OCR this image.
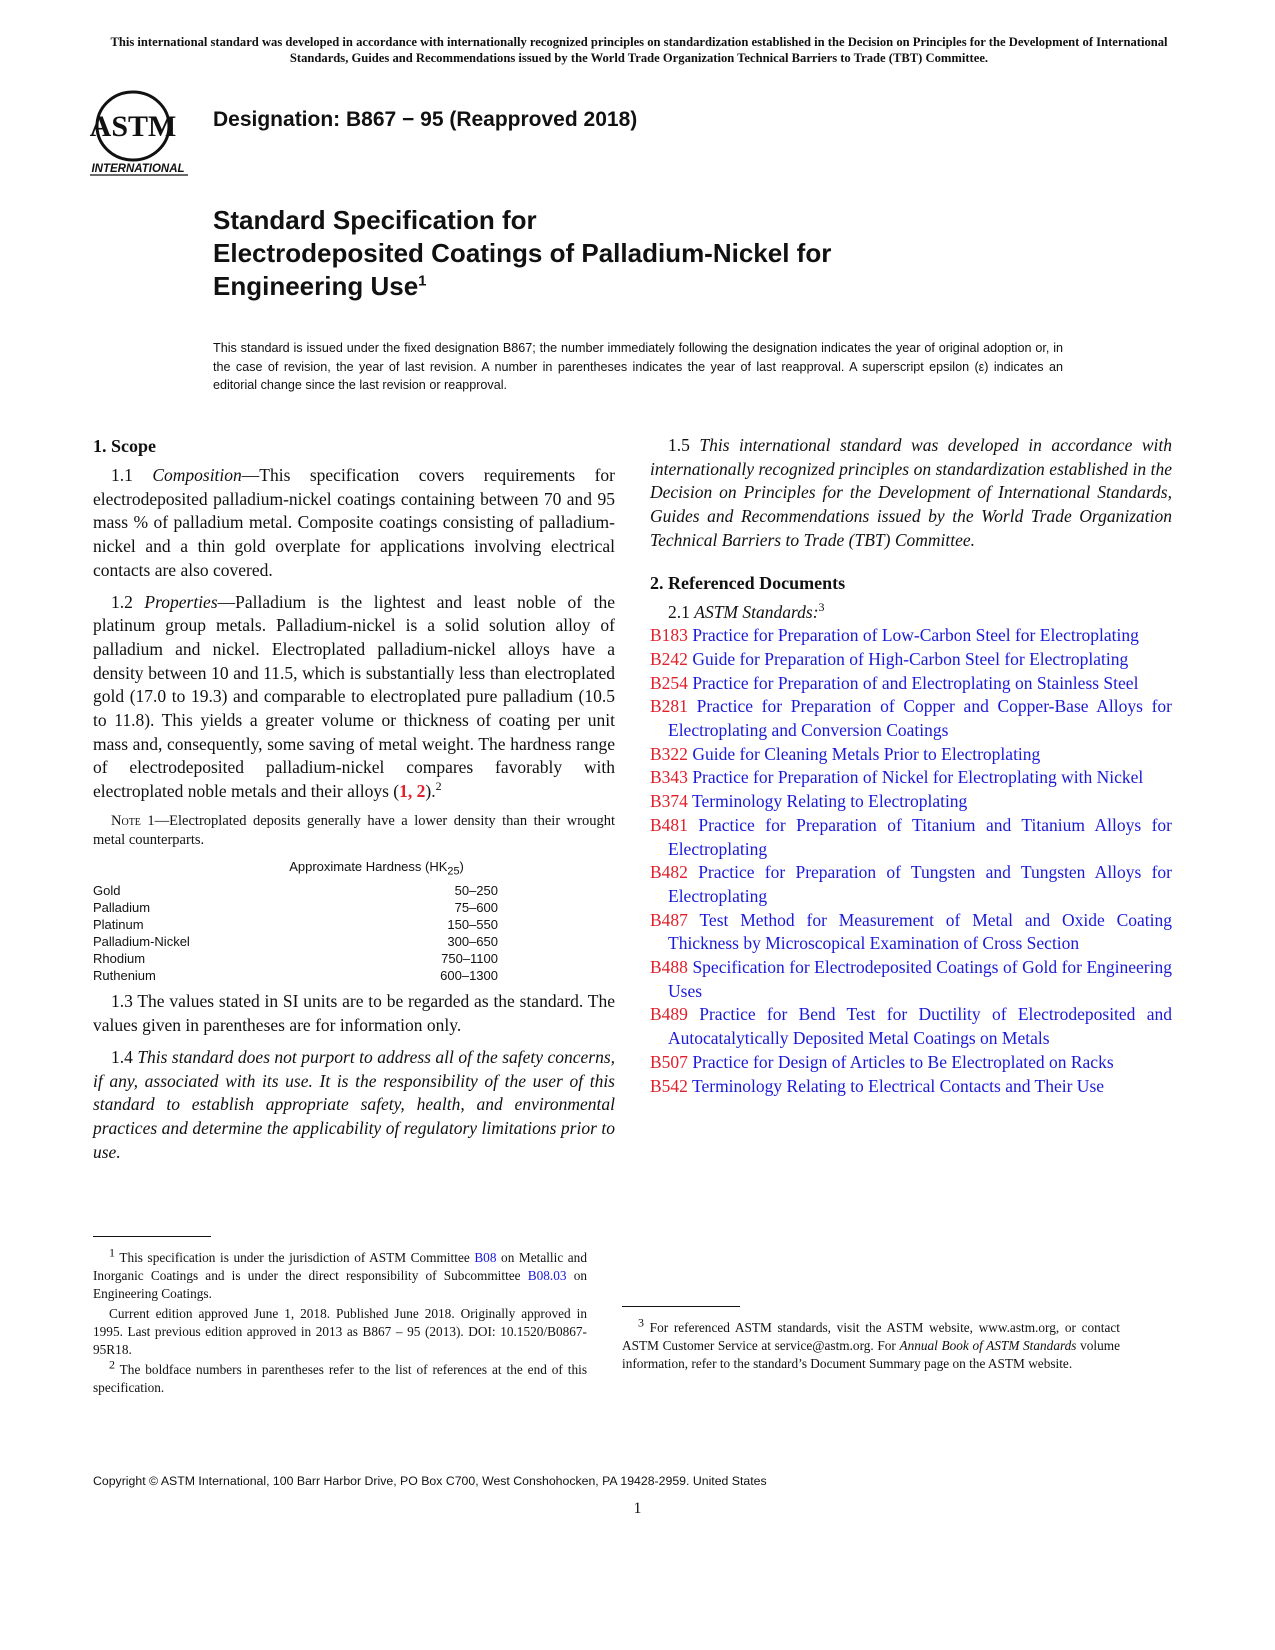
This international standard was developed in accordance with internationally recognized principles on standardization established in the Decision on Principles for the Development of International Standards, Guides and Recommendations issued by the World Trade Organization Technical Barriers to Trade (TBT) Committee.
ASTM
INTERNATIONAL
Designation: B867 − 95 (Reapproved 2018)
Standard Specification for
Electrodeposited Coatings of Palladium-Nickel for
Engineering Use$^1$
This standard is issued under the fixed designation B867; the number immediately following the designation indicates the year of original adoption or, in the case of revision, the year of last revision. A number in parentheses indicates the year of last reapproval. A superscript epsilon (ε) indicates an editorial change since the last revision or reapproval.
1. Scope

1.1 Composition—This specification covers requirements for electrodeposited palladium-nickel coatings containing between 70 and 95 mass % of palladium metal. Composite coatings consisting of palladium-nickel and a thin gold overplate for applications involving electrical contacts are also covered.

1.2 Properties—Palladium is the lightest and least noble of the platinum group metals. Palladium-nickel is a solid solution alloy of palladium and nickel. Electroplated palladium-nickel alloys have a density between 10 and 11.5, which is substantially less than electroplated gold (17.0 to 19.3) and comparable to electroplated pure palladium (10.5 to 11.8). This yields a greater volume or thickness of coating per unit mass and, consequently, some saving of metal weight. The hardness range of electrodeposited palladium-nickel compares favorably with electroplated noble metals and their alloys (1, 2).$^2$

Note 1—Electroplated deposits generally have a lower density than their wrought metal counterparts.

Approximate Hardness $(HK_{25})$
Gold	50–250
Palladium	75–600
Platinum	150–550
Palladium-Nickel	300–650
Rhodium	750–1100
Ruthenium	600–1300

1.3 The values stated in SI units are to be regarded as the standard. The values given in parentheses are for information only.

1.4 This standard does not purport to address all of the safety concerns, if any, associated with its use. It is the responsibility of the user of this standard to establish appropriate safety, health, and environmental practices and determine the applicability of regulatory limitations prior to use.

$^1$ This specification is under the jurisdiction of ASTM Committee B08 on Metallic and Inorganic Coatings and is under the direct responsibility of Subcommittee B08.03 on Engineering Coatings.

Current edition approved June 1, 2018. Published June 2018. Originally approved in 1995. Last previous edition approved in 2013 as B867 – 95 (2013). DOI: 10.1520/B0867-95R18.

$^2$ The boldface numbers in parentheses refer to the list of references at the end of this specification.

1.5 This international standard was developed in accordance with internationally recognized principles on standardization established in the Decision on Principles for the Development of International Standards, Guides and Recommendations issued by the World Trade Organization Technical Barriers to Trade (TBT) Committee.

2. Referenced Documents

2.1 ASTM Standards:$^3$

B183 Practice for Preparation of Low-Carbon Steel for Electroplating

B242 Guide for Preparation of High-Carbon Steel for Electroplating

B254 Practice for Preparation of and Electroplating on Stainless Steel

B281 Practice for Preparation of Copper and Copper-Base Alloys for Electroplating and Conversion Coatings

B322 Guide for Cleaning Metals Prior to Electroplating

B343 Practice for Preparation of Nickel for Electroplating with Nickel

B374 Terminology Relating to Electroplating

B481 Practice for Preparation of Titanium and Titanium Alloys for Electroplating

B482 Practice for Preparation of Tungsten and Tungsten Alloys for Electroplating

B487 Test Method for Measurement of Metal and Oxide Coating Thickness by Microscopical Examination of Cross Section

B488 Specification for Electrodeposited Coatings of Gold for Engineering Uses

B489 Practice for Bend Test for Ductility of Electrodeposited and Autocatalytically Deposited Metal Coatings on Metals

B507 Practice for Design of Articles to Be Electroplated on Racks

B542 Terminology Relating to Electrical Contacts and Their Use

$^3$ For referenced ASTM standards, visit the ASTM website, www.astm.org, or contact ASTM Customer Service at service@astm.org. For Annual Book of ASTM Standards volume information, refer to the standard’s Document Summary page on the ASTM website.

Copyright © ASTM International, 100 Barr Harbor Drive, PO Box C700, West Conshohocken, PA 19428-2959. United States
1
